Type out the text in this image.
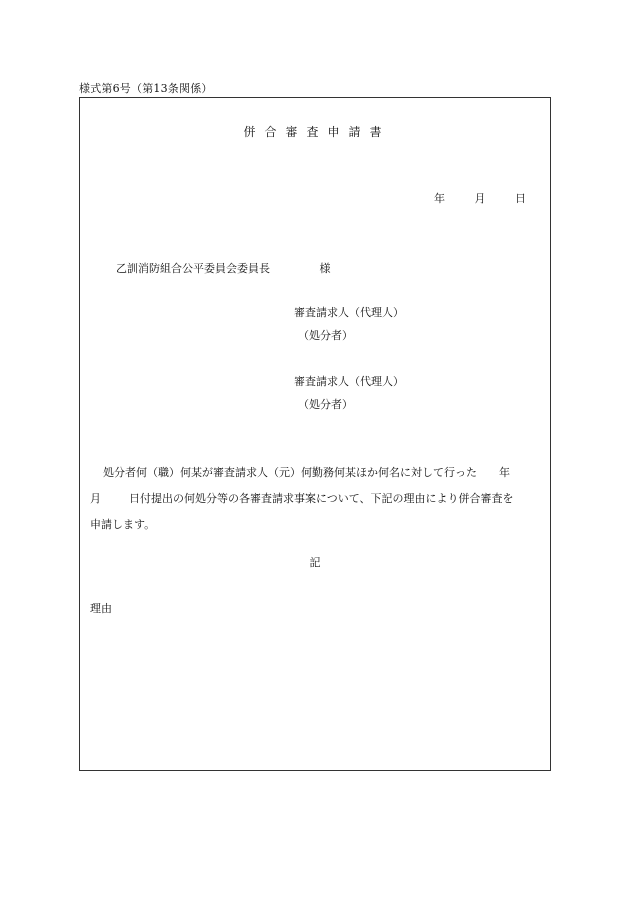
様式第6号（第13条関係）
併合審査申請書
年	月	日
乙訓消防組合公平委員会委員長	様
審査請求人（代理人）
（処分者）
審査請求人（代理人）
（処分者）
処分者何（職）何某が審査請求人（元）何勤務何某ほか何名に対して行った 年
月	日付提出の何処分等の各審査請求事案について、下記の理由により併合審査を
申請します。
記
理由
